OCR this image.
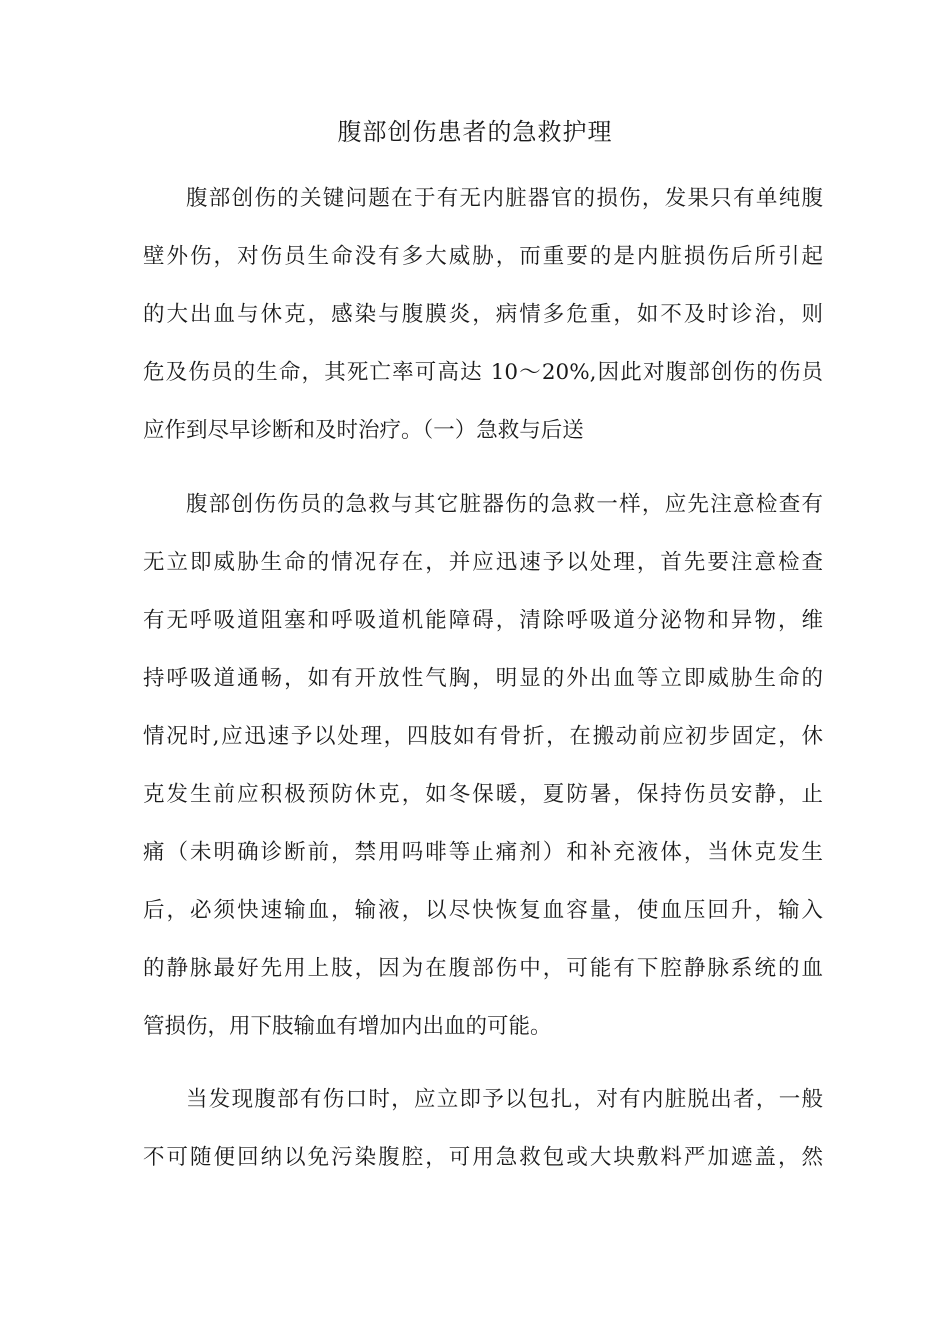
腹部创伤患者的急救护理
腹部创伤的关键问题在于有无内脏器官的损伤，发果只有单纯腹
壁外伤，对伤员生命没有多大威胁，而重要的是内脏损伤后所引起
的大出血与休克，感染与腹膜炎，病情多危重，如不及时诊治，则
危及伤员的生命，其死亡率可高达 10～20%,因此对腹部创伤的伤员
应作到尽早诊断和及时治疗。（一）急救与后送
腹部创伤伤员的急救与其它脏器伤的急救一样，应先注意检查有
无立即威胁生命的情况存在，并应迅速予以处理，首先要注意检查
有无呼吸道阻塞和呼吸道机能障碍，清除呼吸道分泌物和异物，维
持呼吸道通畅，如有开放性气胸，明显的外出血等立即威胁生命的
情况时,应迅速予以处理，四肢如有骨折，在搬动前应初步固定，休
克发生前应积极预防休克，如冬保暖，夏防暑，保持伤员安静，止
痛（未明确诊断前，禁用吗啡等止痛剂）和补充液体，当休克发生
后，必须快速输血，输液，以尽快恢复血容量，使血压回升，输入
的静脉最好先用上肢，因为在腹部伤中，可能有下腔静脉系统的血
管损伤，用下肢输血有增加内出血的可能。
当发现腹部有伤口时，应立即予以包扎，对有内脏脱出者，一般
不可随便回纳以免污染腹腔，可用急救包或大块敷料严加遮盖，然
